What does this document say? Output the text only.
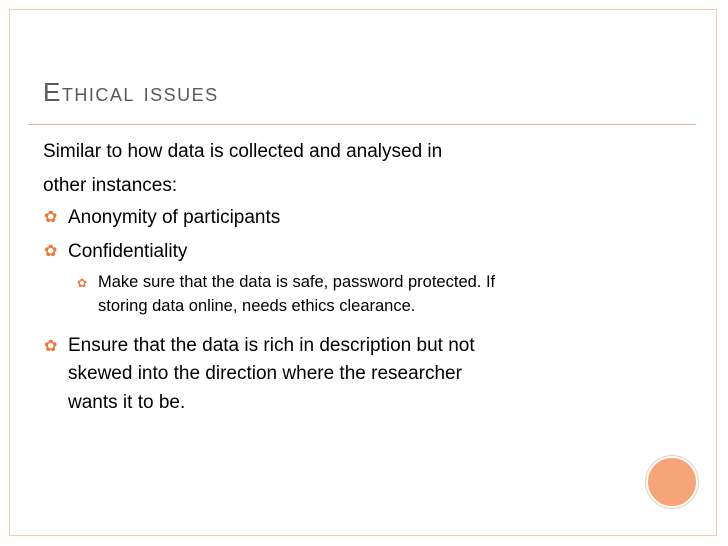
Ethical issues
Similar to how data is collected and analysed in
other instances:
✿ Anonymity of participants
✿ Confidentiality
✿ Make sure that the data is safe, password protected. If
storing data online, needs ethics clearance.
✿ Ensure that the data is rich in description but not
skewed into the direction where the researcher
wants it to be.
